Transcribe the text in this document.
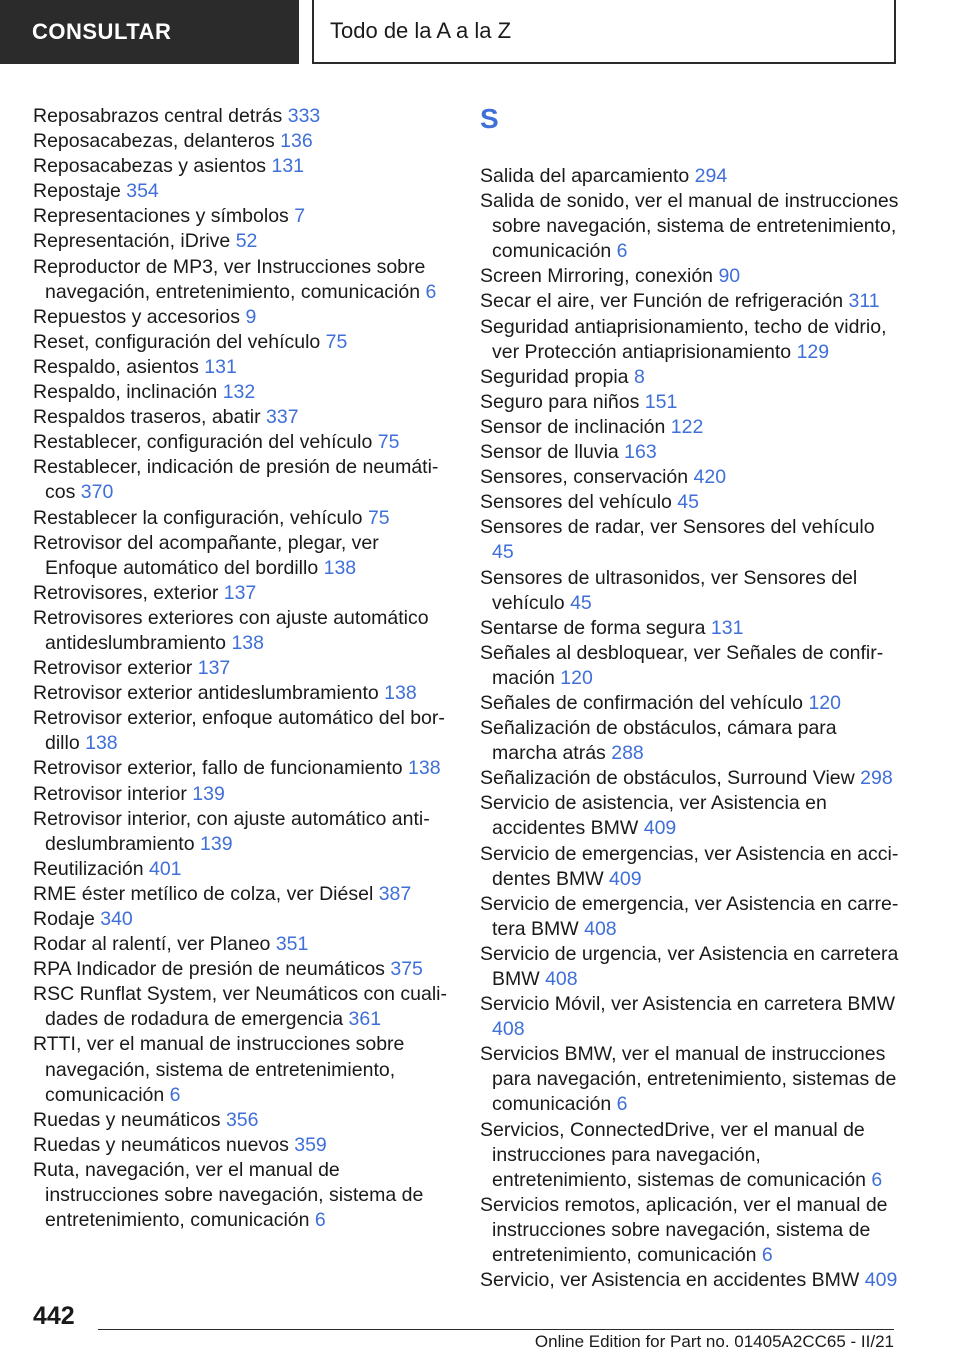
CONSULTAR	Todo de la A a la Z

Reposabrazos central detrás 333

Reposacabezas, delanteros 136

Reposacabezas y asientos 131

Repostaje 354

Representaciones y símbolos 7

Representación, iDrive 52

Reproductor de MP3, ver Instrucciones sobre navegación, entretenimiento, comunicación 6

Repuestos y accesorios 9

Reset, configuración del vehículo 75

Respaldo, asientos 131

Respaldo, inclinación 132

Respaldos traseros, abatir 337

Restablecer, configuración del vehículo 75

Restablecer, indicación de presión de neumáticos 370

Restablecer la configuración, vehículo 75

Retrovisor del acompañante, plegar, ver Enfoque automático del bordillo 138

Retrovisores, exterior 137

Retrovisores exteriores con ajuste automático antideslumbramiento 138

Retrovisor exterior 137

Retrovisor exterior antideslumbramiento 138

Retrovisor exterior, enfoque automático del bordillo 138

Retrovisor exterior, fallo de funcionamiento 138

Retrovisor interior 139

Retrovisor interior, con ajuste automático antideslumbramiento 139

Reutilización 401

RME éster metílico de colza, ver Diésel 387

Rodaje 340

Rodar al ralentí, ver Planeo 351

RPA Indicador de presión de neumáticos 375

RSC Runflat System, ver Neumáticos con cualidades de rodadura de emergencia 361

RTTI, ver el manual de instrucciones sobre navegación, sistema de entretenimiento, comunicación 6

Ruedas y neumáticos 356

Ruedas y neumáticos nuevos 359

Ruta, navegación, ver el manual de instrucciones sobre navegación, sistema de entretenimiento, comunicación 6

S

Salida del aparcamiento 294

Salida de sonido, ver el manual de instrucciones sobre navegación, sistema de entretenimiento, comunicación 6

Screen Mirroring, conexión 90

Secar el aire, ver Función de refrigeración 311

Seguridad antiaprisionamiento, techo de vidrio, ver Protección antiaprisionamiento 129

Seguridad propia 8

Seguro para niños 151

Sensor de inclinación 122

Sensor de lluvia 163

Sensores, conservación 420

Sensores del vehículo 45

Sensores de radar, ver Sensores del vehículo 45

Sensores de ultrasonidos, ver Sensores del vehículo 45

Sentarse de forma segura 131

Señales al desbloquear, ver Señales de confirmación 120

Señales de confirmación del vehículo 120

Señalización de obstáculos, cámara para marcha atrás 288

Señalización de obstáculos, Surround View 298

Servicio de asistencia, ver Asistencia en accidentes BMW 409

Servicio de emergencias, ver Asistencia en accidentes BMW 409

Servicio de emergencia, ver Asistencia en carretera BMW 408

Servicio de urgencia, ver Asistencia en carretera BMW 408

Servicio Móvil, ver Asistencia en carretera BMW 408

Servicios BMW, ver el manual de instrucciones para navegación, entretenimiento, sistemas de comunicación 6

Servicios, ConnectedDrive, ver el manual de instrucciones para navegación, entretenimiento, sistemas de comunicación 6

Servicios remotos, aplicación, ver el manual de instrucciones sobre navegación, sistema de entretenimiento, comunicación 6

Servicio, ver Asistencia en accidentes BMW 409

442
Online Edition for Part no. 01405A2CC65 - II/21
